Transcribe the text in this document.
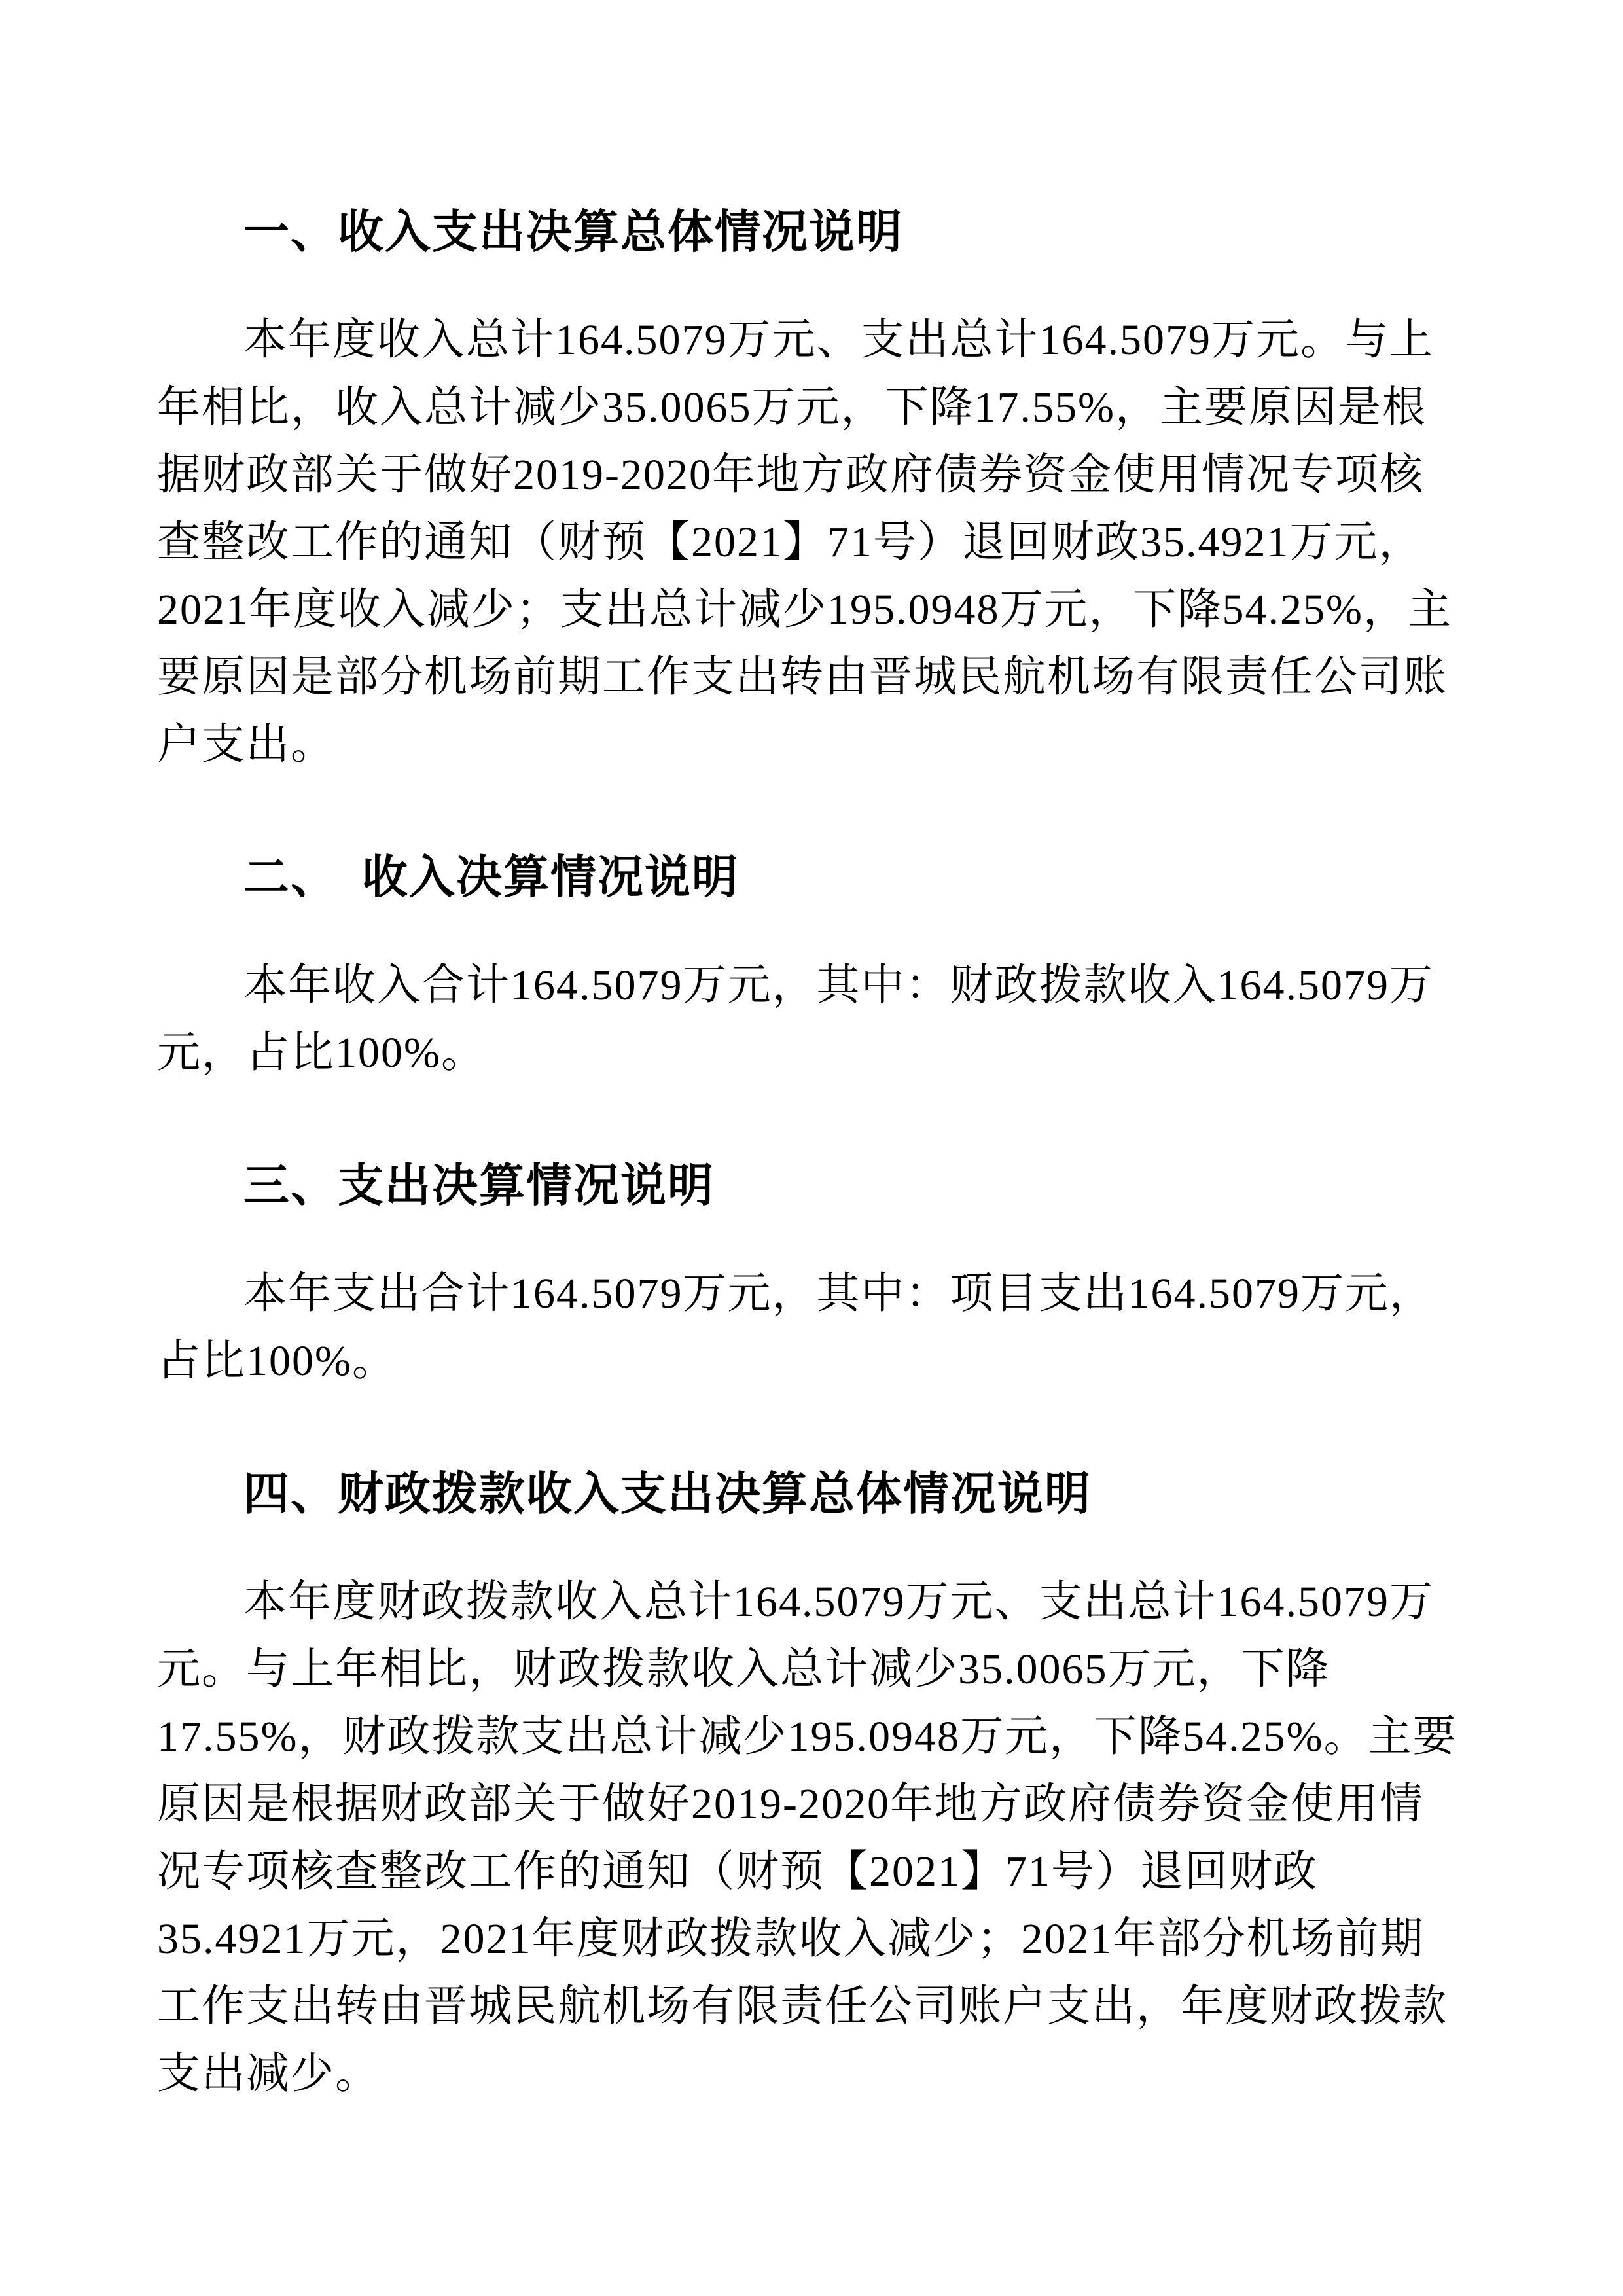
一、收入支出决算总体情况说明

本年度收入总计164.5079万元、支出总计164.5079万元。与上年相比，收入总计减少35.0065万元，下降17.55%，主要原因是根据财政部关于做好2019-2020年地方政府债券资金使用情况专项核查整改工作的通知（财预【2021】71号）退回财政35.4921万元，2021年度收入减少；支出总计减少195.0948万元，下降54.25%，主要原因是部分机场前期工作支出转由晋城民航机场有限责任公司账户支出。

二、　收入决算情况说明

本年收入合计164.5079万元，其中：财政拨款收入164.5079万元，占比100%。

三、支出决算情况说明

本年支出合计164.5079万元，其中：项目支出164.5079万元，占比100%。

四、财政拨款收入支出决算总体情况说明

本年度财政拨款收入总计164.5079万元、支出总计164.5079万元。与上年相比，财政拨款收入总计减少35.0065万元，下降17.55%，财政拨款支出总计减少195.0948万元，下降54.25%。主要原因是根据财政部关于做好2019-2020年地方政府债券资金使用情况专项核查整改工作的通知（财预【2021】71号）退回财政35.4921万元，2021年度财政拨款收入减少；2021年部分机场前期工作支出转由晋城民航机场有限责任公司账户支出，年度财政拨款支出减少。
